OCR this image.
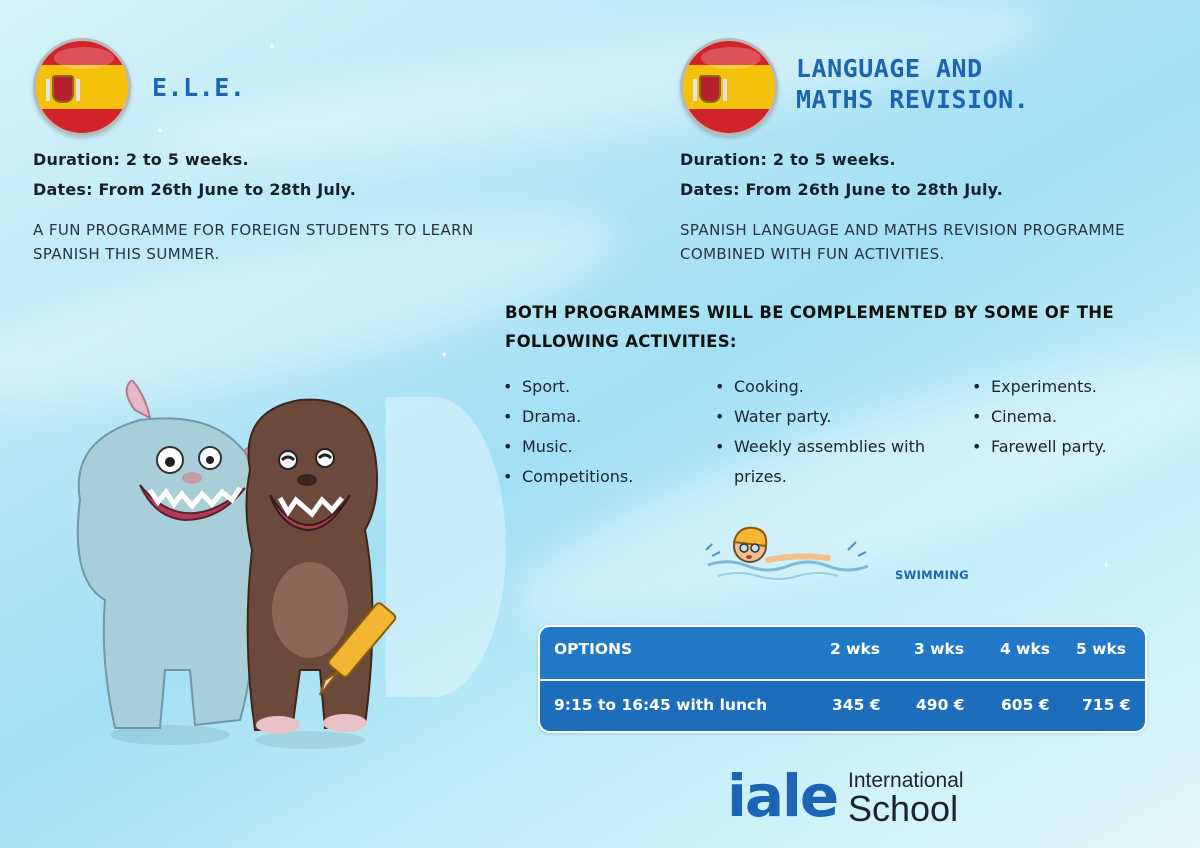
✦
✦
✦
✦
E.L.E.
Duration: 2 to 5 weeks.
Dates: From 26th June to 28th July.
A FUN PROGRAMME FOR FOREIGN STUDENTS TO LEARN
SPANISH THIS SUMMER.
LANGUAGE AND
MATHS REVISION.
Duration: 2 to 5 weeks.
Dates: From 26th June to 28th July.
SPANISH LANGUAGE AND MATHS REVISION PROGRAMME
COMBINED WITH FUN ACTIVITIES.
BOTH PROGRAMMES WILL BE COMPLEMENTED BY SOME OF THE
FOLLOWING ACTIVITIES:
• Sport.
• Drama.
• Music.
• Competitions.
• Cooking.
• Water party.
• Weekly assemblies with
prizes.
• Experiments.
• Cinema.
• Farewell party.
SWIMMING
OPTIONS	2 wks 3 wks 4 wks 5 wks
9:15 to 16:45 with lunch	345 € 490 € 605 € 715 €
iale International
School
